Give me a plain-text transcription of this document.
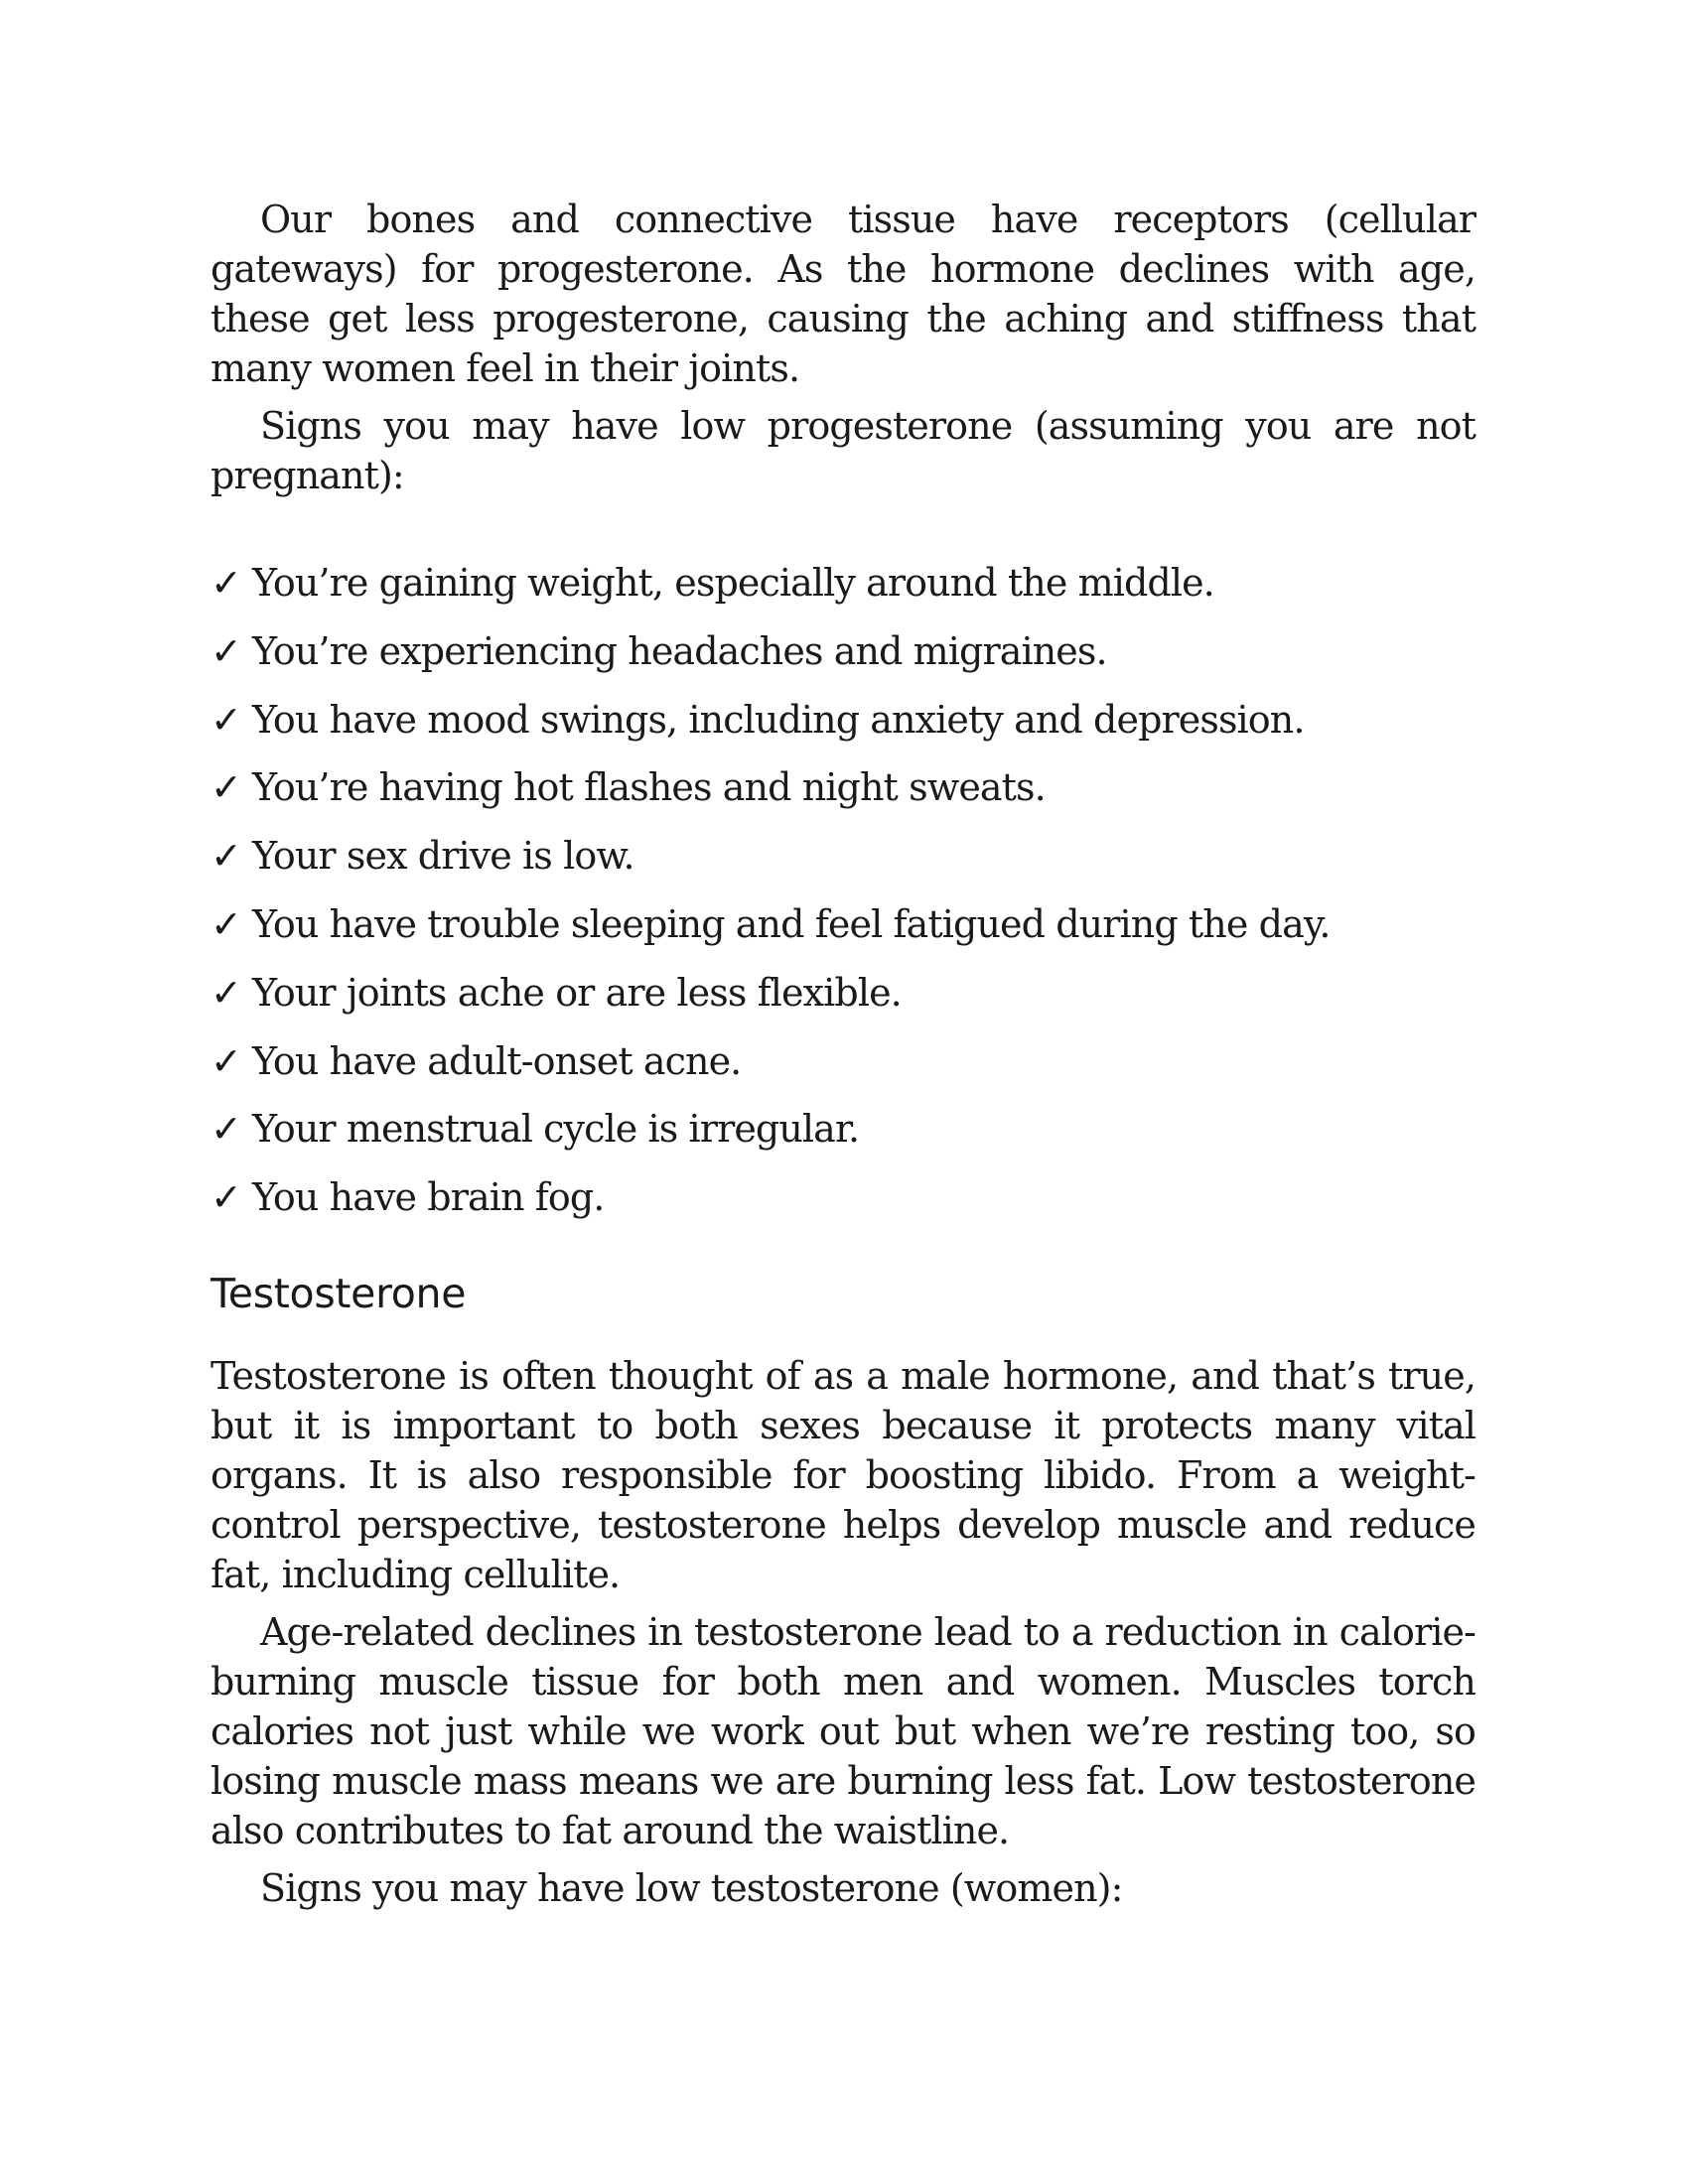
Our bones and connective tissue have receptors (cellular gateways) for progesterone. As the hormone declines with age, these get less progesterone, causing the aching and stiffness that many women feel in their joints.

Signs you may have low progesterone (assuming you are not pregnant):

✓ You’re gaining weight, especially around the middle.
✓ You’re experiencing headaches and migraines.
✓ You have mood swings, including anxiety and depression.
✓ You’re having hot flashes and night sweats.
✓ Your sex drive is low.
✓ You have trouble sleeping and feel fatigued during the day.
✓ Your joints ache or are less flexible.
✓ You have adult-onset acne.
✓ Your menstrual cycle is irregular.
✓ You have brain fog.
Testosterone

Testosterone is often thought of as a male hormone, and that’s true, but it is important to both sexes because it protects many vital organs. It is also responsible for boosting libido. From a weight-control perspective, testosterone helps develop muscle and reduce fat, including cellulite.

Age-related declines in testosterone lead to a reduction in calorie-burning muscle tissue for both men and women. Muscles torch calories not just while we work out but when we’re resting too, so losing muscle mass means we are burning less fat. Low testosterone also contributes to fat around the waistline.

Signs you may have low testosterone (women):
